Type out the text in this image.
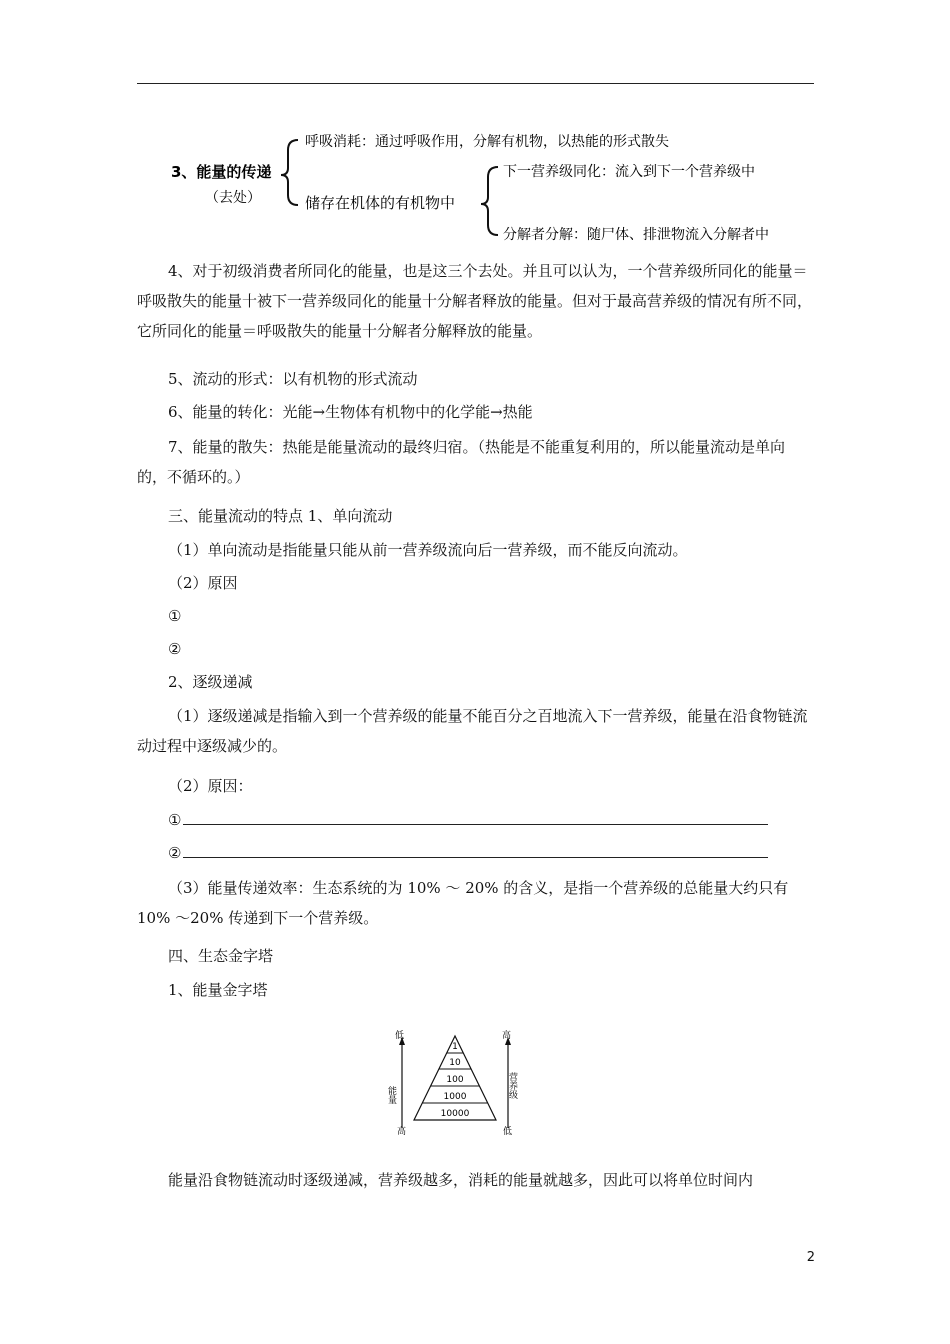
3、能量的传递
（去处）
呼吸消耗：通过呼吸作用，分解有机物，以热能的形式散失
储存在机体的有机物中
下一营养级同化：流入到下一个营养级中
分解者分解：随尸体、排泄物流入分解者中
4、对于初级消费者所同化的能量，也是这三个去处。并且可以认为，一个营养级所同化的能量＝呼吸散失的能量十被下一营养级同化的能量十分解者释放的能量。但对于最高营养级的情况有所不同，它所同化的能量＝呼吸散失的能量十分解者分解释放的能量。
5、流动的形式：以有机物的形式流动
6、能量的转化：光能→生物体有机物中的化学能→热能
7、能量的散失：热能是能量流动的最终归宿。（热能是不能重复利用的，所以能量流动是单向的，不循环的。）
三、能量流动的特点 1、单向流动
（1）单向流动是指能量只能从前一营养级流向后一营养级，而不能反向流动。
（2）原因
①
②
2、逐级递减
（1）逐级递减是指输入到一个营养级的能量不能百分之百地流入下一营养级，能量在沿食物链流动过程中逐级减少的。
（2）原因：
①
②
（3）能量传递效率：生态系统的为 10% ～ 20% 的含义，是指一个营养级的总能量大约只有 10% ～20% 传递到下一个营养级。
四、生态金字塔
1、能量金字塔
低
能量
高
高
营养级
低
1
10
100
1000
10000
能量沿食物链流动时逐级递减，营养级越多，消耗的能量就越多，因此可以将单位时间内
2
